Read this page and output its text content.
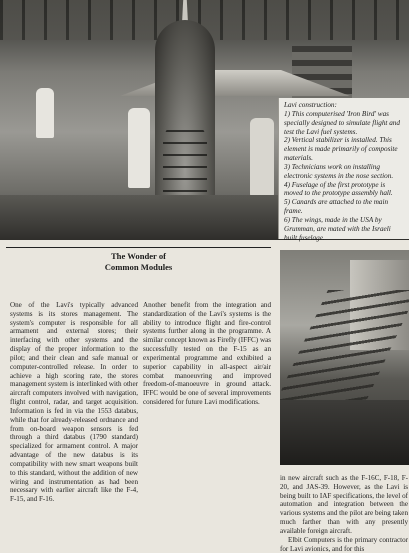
Lavi construction:

1) This computerised 'Iron Bird' was specially designed to simulate flight and test the Lavi fuel systems.

2) Vertical stabilizer is installed. This element is made primarily of composite materials.

3) Technicians work on installing electronic systems in the nose section.

4) Fuselage of the first prototype is moved to the prototype assembly hall.

5) Canards are attached to the main frame.

6) The wings, made in the USA by Grumman, are mated with the Israeli built fuselage.

The Wonder of
Common Modules

One of the Lavi's typically advanced systems is its stores management. The system's computer is responsible for all armament and external stores; their interfacing with other systems and the display of the proper information to the pilot; and their clean and safe manual or computer-controlled release. In order to achieve a high scoring rate, the stores management system is interlinked with other aircraft computers involved with navigation, flight control, radar, and target acquisition. Information is fed in via the 1553 databus, while that for already-released ordnance and from on-board weapon sensors is fed through a third databus (1790 standard) specialized for armament control. A major advantage of the new databus is its compatibility with new smart weapons built to this standard, without the addition of new wiring and instrumentation as had been necessary with earlier aircraft like the F-4, F-15, and F-16.

Another benefit from the integration and standardization of the Lavi's systems is the ability to introduce flight and fire-control systems further along in the programme. A similar concept known as Firefly (IFFC) was successfully tested on the F-15 as an experimental programme and exhibited a superior capability in all-aspect air/air combat manoeuvring and improved freedom-of-manoeuvre in ground attack. IFFC would be one of several improvements considered for future Lavi modifications.

in new aircraft such as the F-16C, F-18, F-20, and JAS-39. However, as the Lavi is being built to IAF specifications, the level of automation and integration between the various systems and the pilot are being taken much farther than with any presently available foreign aircraft.

Elbit Computers is the primary contractor for Lavi avionics, and for this
